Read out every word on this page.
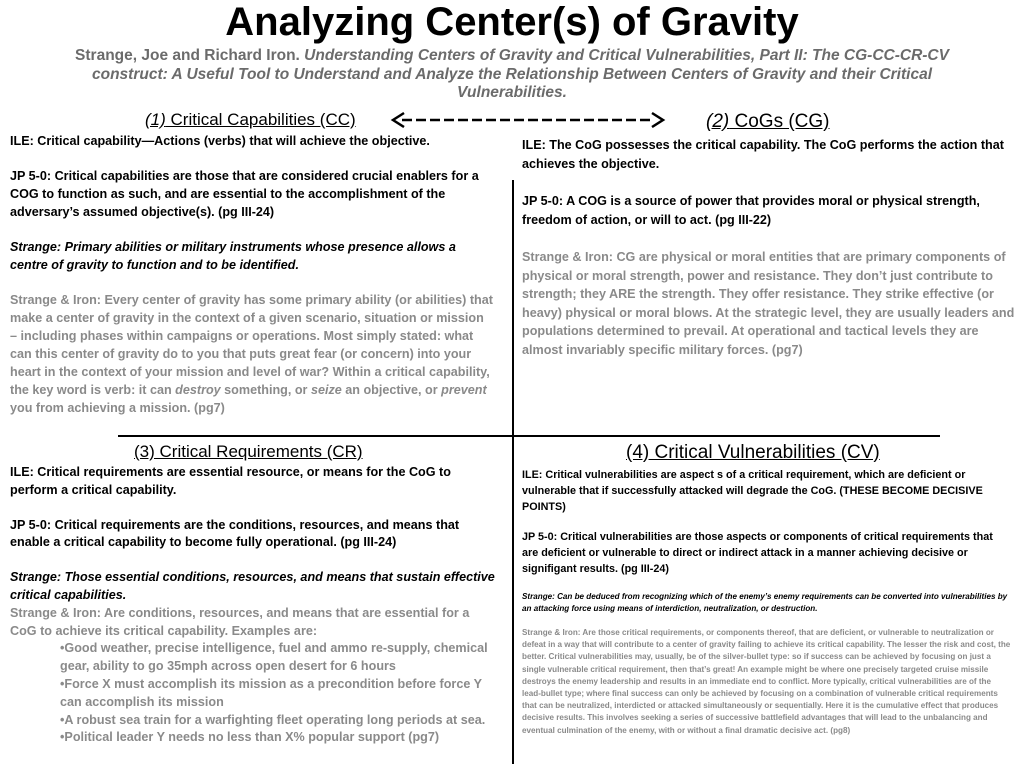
Analyzing Center(s) of Gravity
Strange, Joe and Richard Iron. Understanding Centers of Gravity and Critical Vulnerabilities, Part II: The CG-CC-CR-CV construct: A Useful Tool to Understand and Analyze the Relationship Between Centers of Gravity and their Critical Vulnerabilities.
(1) Critical Capabilities (CC)	(2) CoGs (CG)

ILE: Critical capability—Actions (verbs) that will achieve the objective.

JP 5-0: Critical capabilities are those that are considered crucial enablers for a COG to function as such, and are essential to the accomplishment of the adversary’s assumed objective(s). (pg III-24)

Strange: Primary abilities or military instruments whose presence allows a centre of gravity to function and to be identified.

Strange & Iron: Every center of gravity has some primary ability (or abilities) that make a center of gravity in the context of a given scenario, situation or mission – including phases within campaigns or operations. Most simply stated: what can this center of gravity do to you that puts great fear (or concern) into your heart in the context of your mission and level of war? Within a critical capability, the key word is verb: it can destroy something, or seize an objective, or prevent you from achieving a mission. (pg7)

ILE: The CoG possesses the critical capability. The CoG performs the action that achieves the objective.

JP 5-0: A COG is a source of power that provides moral or physical strength, freedom of action, or will to act. (pg III-22)

Strange & Iron: CG are physical or moral entities that are primary components of physical or moral strength, power and resistance. They don’t just contribute to strength; they ARE the strength. They offer resistance. They strike effective (or heavy) physical or moral blows. At the strategic level, they are usually leaders and populations determined to prevail. At operational and tactical levels they are almost invariably specific military forces. (pg7)

(3) Critical Requirements (CR)

ILE: Critical requirements are essential resource, or means for the CoG to perform a critical capability.

JP 5-0: Critical requirements are the conditions, resources, and means that enable a critical capability to become fully operational. (pg III-24)

Strange: Those essential conditions, resources, and means that sustain effective critical capabilities.

Strange & Iron: Are conditions, resources, and means that are essential for a CoG to achieve its critical capability. Examples are:

• Good weather, precise intelligence, fuel and ammo re-supply, chemical gear, ability to go 35mph across open desert for 6 hours
• Force X must accomplish its mission as a precondition before force Y can accomplish its mission
• A robust sea train for a warfighting fleet operating long periods at sea.
• Political leader Y needs no less than X% popular support (pg7)
(4) Critical Vulnerabilities (CV)

ILE: Critical vulnerabilities are aspect s of a critical requirement, which are deficient or vulnerable that if successfully attacked will degrade the CoG. (THESE BECOME DECISIVE POINTS)

JP 5-0: Critical vulnerabilities are those aspects or components of critical requirements that are deficient or vulnerable to direct or indirect attack in a manner achieving decisive or signifigant results. (pg III-24)

Strange: Can be deduced from recognizing which of the enemy’s enemy requirements can be converted into vulnerabilities by an attacking force using means of interdiction, neutralization, or destruction.

Strange & Iron: Are those critical requirements, or components thereof, that are deficient, or vulnerable to neutralization or defeat in a way that will contribute to a center of gravity failing to achieve its critical capability. The lesser the risk and cost, the better. Critical vulnerabilities may, usually, be of the silver-bullet type: so if success can be achieved by focusing on just a single vulnerable critical requirement, then that’s great! An example might be where one precisely targeted cruise missile destroys the enemy leadership and results in an immediate end to conflict. More typically, critical vulnerabilities are of the lead-bullet type; where final success can only be achieved by focusing on a combination of vulnerable critical requirements that can be neutralized, interdicted or attacked simultaneously or sequentially. Here it is the cumulative effect that produces decisive results. This involves seeking a series of successive battlefield advantages that will lead to the unbalancing and eventual culmination of the enemy, with or without a final dramatic decisive act. (pg8)
